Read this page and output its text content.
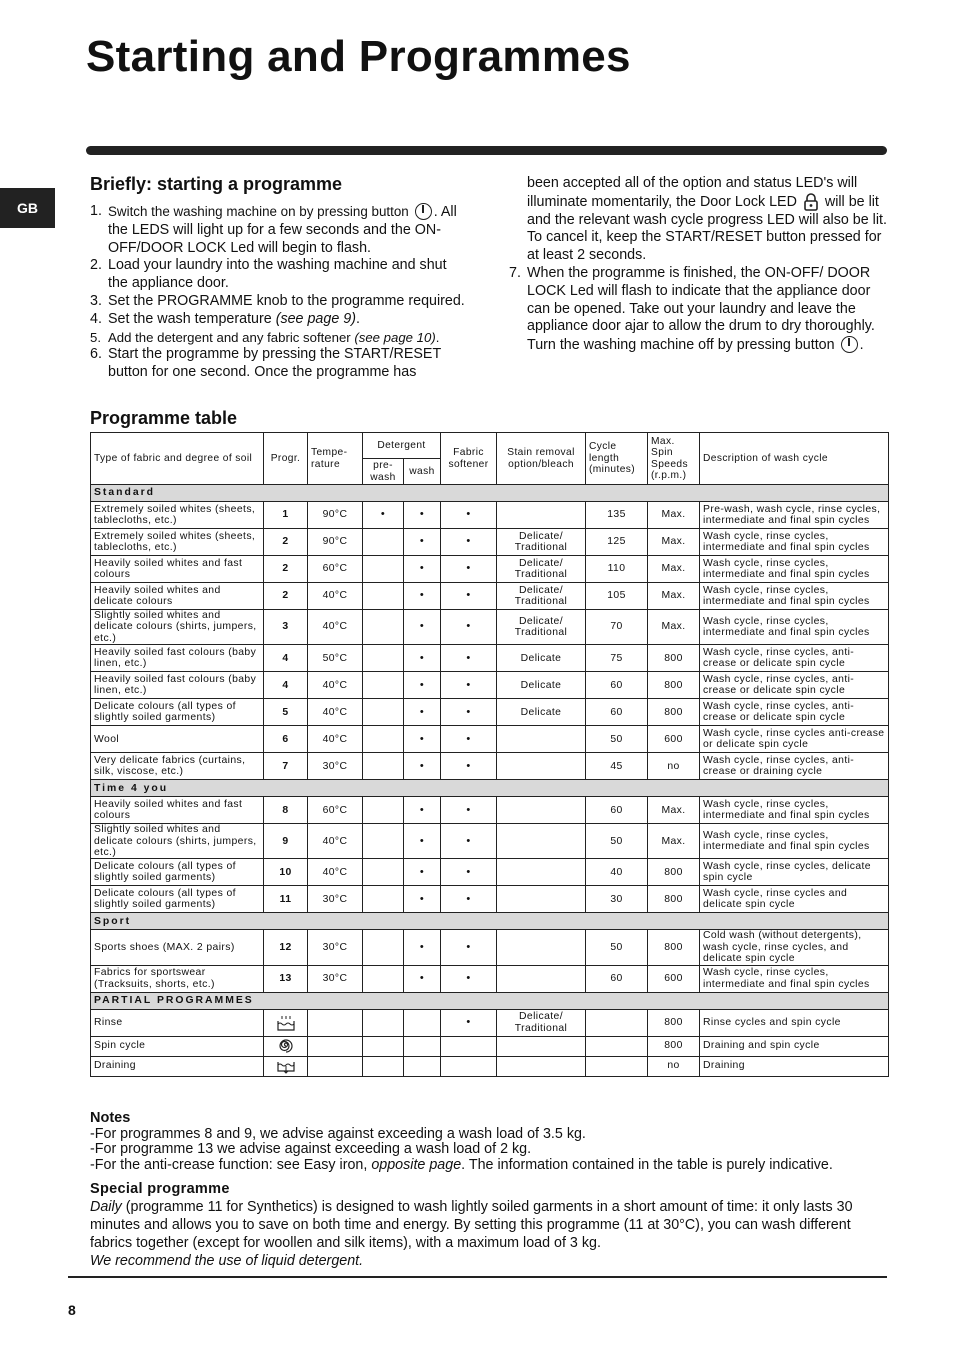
Starting and Programmes
GB
Briefly: starting a programme
1. Switch the washing machine on by pressing button . All the LEDS will light up for a few seconds and the ON-OFF/DOOR LOCK Led will begin to flash.
2. Load your laundry into the washing machine and shut the appliance door.
3. Set the PROGRAMME knob to the programme required.
4. Set the wash temperature (see page 9).
5. Add the detergent and any fabric softener (see page 10).
6. Start the programme by pressing the START/RESET button for one second. Once the programme has
been accepted all of the option and status LED's will illuminate momentarily, the Door Lock LED will be lit and the relevant wash cycle progress LED will also be lit.
To cancel it, keep the START/RESET button pressed for at least 2 seconds.
7. When the programme is finished, the ON-OFF/ DOOR LOCK Led will flash to indicate that the appliance door can be opened. Take out your laundry and leave the appliance door ajar to allow the drum to dry thoroughly. Turn the washing machine off by pressing button .
Programme table
Type of fabric and degree of soil	Progr.	Tempe-rature	Detergent		Fabric softener	Stain removal option/bleach	Cycle length (minutes)	Max. Spin Speeds (r.p.m.)	Description of wash cycle
			pre-wash	wash					
Standard									
Extremely soiled whites (sheets, tablecloths, etc.)	1	90°C	•	•	•		135	Max.	Pre-wash, wash cycle, rinse cycles, intermediate and final spin cycles
Extremely soiled whites (sheets, tablecloths, etc.)	2	90°C		•	•	Delicate/ Traditional	125	Max.	Wash cycle, rinse cycles, intermediate and final spin cycles
Heavily soiled whites and fast colours	2	60°C		•	•	Delicate/ Traditional	110	Max.	Wash cycle, rinse cycles, intermediate and final spin cycles
Heavily soiled whites and delicate colours	2	40°C		•	•	Delicate/ Traditional	105	Max.	Wash cycle, rinse cycles, intermediate and final spin cycles
Slightly soiled whites and delicate colours (shirts, jumpers, etc.)	3	40°C		•	•	Delicate/ Traditional	70	Max.	Wash cycle, rinse cycles, intermediate and final spin cycles
Heavily soiled fast colours (baby linen, etc.)	4	50°C		•	•	Delicate	75	800	Wash cycle, rinse cycles, anti-crease or delicate spin cycle
Heavily soiled fast colours (baby linen, etc.)	4	40°C		•	•	Delicate	60	800	Wash cycle, rinse cycles, anti-crease or delicate spin cycle
Delicate colours (all types of slightly soiled garments)	5	40°C		•	•	Delicate	60	800	Wash cycle, rinse cycles, anti-crease or delicate spin cycle
Wool	6	40°C		•	•		50	600	Wash cycle, rinse cycles anti-crease or delicate spin cycle
Very delicate fabrics (curtains, silk, viscose, etc.)	7	30°C		•	•		45	no	Wash cycle, rinse cycles, anti-crease or draining cycle
Time 4 you									
Heavily soiled whites and fast colours	8	60°C		•	•		60	Max.	Wash cycle, rinse cycles, intermediate and final spin cycles
Slightly soiled whites and delicate colours (shirts, jumpers, etc.)	9	40°C		•	•		50	Max.	Wash cycle, rinse cycles, intermediate and final spin cycles
Delicate colours (all types of slightly soiled garments)	10	40°C		•	•		40	800	Wash cycle, rinse cycles, delicate spin cycle
Delicate colours (all types of slightly soiled garments)	11	30°C		•	•		30	800	Wash cycle, rinse cycles and delicate spin cycle
Sport									
Sports shoes (MAX. 2 pairs)	12	30°C		•	•		50	800	Cold wash (without detergents), wash cycle, rinse cycles, and delicate spin cycle
Fabrics for sportswear (Tracksuits, shorts, etc.)	13	30°C		•	•		60	600	Wash cycle, rinse cycles, intermediate and final spin cycles
PARTIAL PROGRAMMES									
Rinse					•	Delicate/ Traditional		800	Rinse cycles and spin cycle
Spin cycle								800	Draining and spin cycle
Draining								no	Draining
Notes
-For programmes 8 and 9, we advise against exceeding a wash load of 3.5 kg.
-For programme 13 we advise against exceeding a wash load of 2 kg.
-For the anti-crease function: see Easy iron, opposite page. The information contained in the table is purely indicative.
Special programme
Daily (programme 11 for Synthetics) is designed to wash lightly soiled garments in a short amount of time: it only lasts 30 minutes and allows you to save on both time and energy. By setting this programme (11 at 30°C), you can wash different fabrics together (except for woollen and silk items), with a maximum load of 3 kg.
We recommend the use of liquid detergent.
8
